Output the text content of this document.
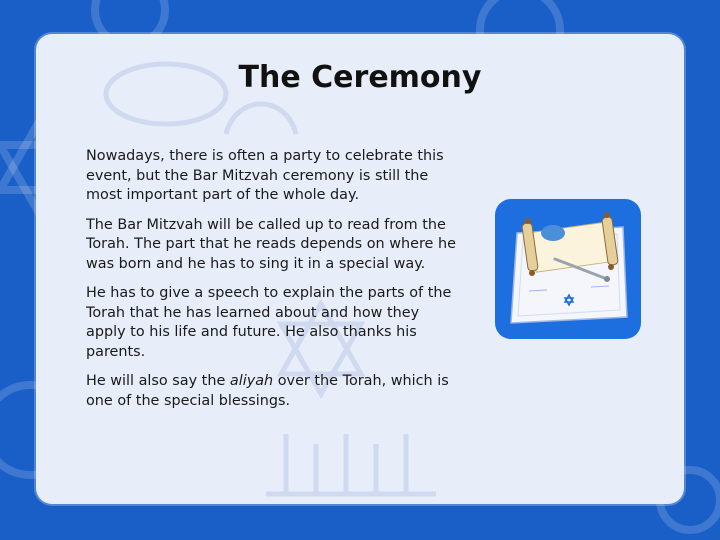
The Ceremony

Nowadays, there is often a party to celebrate this event, but the Bar Mitzvah ceremony is still the most important part of the whole day.

The Bar Mitzvah will be called up to read from the Torah. The part that he reads depends on where he was born and he has to sing it in a special way.

He has to give a speech to explain the parts of the Torah that he has learned about and how they apply to his life and future. He also thanks his parents.

He will also say the aliyah over the Torah, which is one of the special blessings.
